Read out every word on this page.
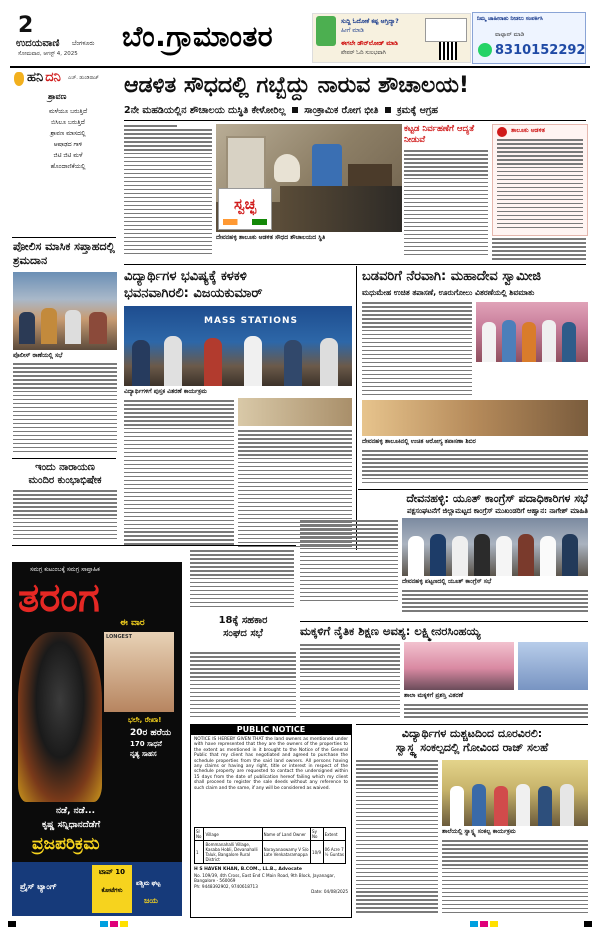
2
ಉದಯವಾಣಿ ಬೆಂಗಳೂರು
ಸೋಮವಾರ, ಆಗಸ್ಟ್ 4, 2025
ಬೆಂ.ಗ್ರಾಮಾಂತರ	ಸುದ್ದಿ ಓದೋಕೆ ಕಷ್ಟ ಆಗ್ತಿದ್ಯಾ?
ಹೀಗೆ ಮಾಡಿ
ಈಗಲೇ ಡೌನ್‌ಲೋಡ್ ಮಾಡಿ
ಪೇಪರ್ ಓದಿ ಸುಲಭವಾಗಿ
ನಿಮ್ಮ ಜಾಹೀರಾತು ನೀಡಲು ಸಂಪರ್ಕಿಸಿ
ವಾಟ್ಸಾಪ್ ಮಾಡಿ
8310152292
ಹನಿ ದನಿ ಎಚ್. ಡುಂಡಿರಾಜ್
ಶ್ರಾವಣ
ಮಳೆಯೂ ಬರುತ್ತಿದೆ
ಬಿಸಿಲೂ ಬರುತ್ತಿದೆ
ಶ್ರಾವಣ ಮಾಸದಲ್ಲಿ
ಆಷಾಢದ ಗಾಳಿ
ಜಿಟಿ ಜಿಟಿ ಮಳೆ
ಹೊಂದಾಣಿಕೆಯಲ್ಲಿ
ಪೋಲಿಸ ಮಾಸಿಕ ಸಪ್ತಾಹದಲ್ಲಿ ಶ್ರಮದಾನ
ಪೊಲೀಸ್ ಠಾಣೆಯಲ್ಲಿ ಸಭೆ
ಇಂದು ನಾರಾಯಣ
ಮಂದಿರ ಕುಂಭಾಭಿಷೇಕ
ಆಡಳಿತ ಸೌಧದಲ್ಲಿ ಗಬ್ಬೆದ್ದು ನಾರುವ ಶೌಚಾಲಯ!
2ನೇ ಮಹಡಿಯಲ್ಲಿನ ಶೌಚಾಲಯ ದುಸ್ಥಿತಿ ಕೇಳೋರಿಲ್ಲ ಸಾಂಕ್ರಾಮಿಕ ರೋಗ ಭೀತಿ ಕ್ರಮಕ್ಕೆ ಆಗ್ರಹ
ಸ್ವಚ್ಛ
ದೇವನಹಳ್ಳಿ ತಾಲೂಕು ಆಡಳಿತ ಸೌಧದ ಶೌಚಾಲಯದ ಸ್ಥಿತಿ
ಕಟ್ಟಡ ನಿರ್ವಹಣೆಗೆ ಆದ್ಯತೆ ನೀಡುವೆ
ತಾಲೂಕು ಆಡಳಿತ
ವಿದ್ಯಾರ್ಥಿಗಳ ಭವಿಷ್ಯಕ್ಕೆ ಕಳಕಳಿ
ಭವನವಾಗಿರಲಿ: ವಿಜಯಕುಮಾರ್
MASS STATIONS
ವಿದ್ಯಾರ್ಥಿಗಳಿಗೆ ಪುಸ್ತಕ ವಿತರಣೆ ಕಾರ್ಯಕ್ರಮ
ಬಡವರಿಗೆ ನೆರವಾಗಿ: ಮಹಾದೇವ ಸ್ವಾಮೀಜಿ
ಮಧುಮೇಹ ಉಚಿತ ತಪಾಸಣೆ, ಊರುಗೋಲು ವಿತರಣೆಯಲ್ಲಿ ಶಿವಮಾತು
ದೇವನಹಳ್ಳಿ ತಾಲೂಕಿನಲ್ಲಿ ಉಚಿತ ಆರೋಗ್ಯ ತಪಾಸಣಾ ಶಿಬಿರ
ದೇವನಹಳ್ಳಿ: ಯೂತ್ ಕಾಂಗ್ರೆಸ್ ಪದಾಧಿಕಾರಿಗಳ ಸಭೆ
ಪಕ್ಷಸಂಘಟನೆಗೆ ಜಿಲ್ಲಾಮಟ್ಟದ ಕಾಂಗ್ರೆಸ್ ಮುಖಂಡರಿಗೆ ಆಹ್ವಾನ: ನಾಗೇಶ್ ಮಾಹಿತಿ
ದೇವನಹಳ್ಳಿ ಪಟ್ಟಣದಲ್ಲಿ ಯೂತ್ ಕಾಂಗ್ರೆಸ್ ಸಭೆ
ಸಮಗ್ರ ಕುಟುಂಬಕ್ಕೆ ಸಮಗ್ರ ಸಾಪ್ತಾಹಿಕ
ತರಂಗ
ಈ ವಾರ
LONGEST
ಭಲೇ, ರೇಖಾ!
20ರ ಹರೆಯ
170 ಸಾಧನೆ
ನೃತ್ಯ ಸಾಹಸ
ನಡೆ, ನಡೆ...
ಕೃಷ್ಣ ಸನ್ನಿಧಾನದೆಡೆಗೆ
ವ್ರಜಪರಿಕ್ರಮ
ಪ್ರೈಸ್ ಟ್ಯಾಂಗ್
ಟಾಪ್ 10
ಕೋಟೆಗಳು
ಪಶ್ಚಿಮ ಘಟ್ಟ
ಜಯ
18ಕ್ಕೆ ಸಹಕಾರ
ಸಂಘದ ಸಭೆ	ಮಕ್ಕಳಿಗೆ ನೈತಿಕ ಶಿಕ್ಷಣ ಅವಶ್ಯ: ಲಕ್ಷ್ಮೀನರಸಿಂಹಯ್ಯ
ಶಾಲಾ ಮಕ್ಕಳಿಗೆ ಪ್ರಶಸ್ತಿ ವಿತರಣೆ
PUBLIC NOTICE
NOTICE IS HEREBY GIVEN THAT the land owners as mentioned under with have represented that they are the owners of the properties to the extent as mentioned in it brought to the Notice of the General Public that my client has negotiated and agreed to purchase the schedule properties from the said land owners. All persons having any claims or having any right, title or interest in respect of the schedule property are requested to contact the undersigned within 15 days from the date of publication hereof failing which my client shall proceed to register the sale deeds without any reference to such claim and the same, if any will be considered as waived.
Sl No	Village	Name of Land Owner	Sy No	Extent
1	Bommanahalli Village, Kasaba Hobli, Devanahalli Taluk, Bangalore Rural District	Narayanaswamy V S/o Late Venkataramappa	10/9	06 Acre 7 ½ Guntas
H S HAVEN KHAN, B.COM., LL.B., Advocate
No. 109/39, 4th Cross, East End C Main Road, 9th Block, Jayanagar, Bangalore - 560069
Ph: 9448392902, 9740618713
Date: 04/08/2025
ವಿದ್ಯಾರ್ಥಿಗಳ ದುಶ್ಚಟದಿಂದ ದೂರವಿರಲಿ:
ಸ್ವಾಸ್ಥ್ಯ ಸಂಕಲ್ಪದಲ್ಲಿ ಗೋವಿಂದ ರಾಜ್ ಸಲಹೆ
ಶಾಲೆಯಲ್ಲಿ ಸ್ವಾಸ್ಥ್ಯ ಸಂಕಲ್ಪ ಕಾರ್ಯಕ್ರಮ
